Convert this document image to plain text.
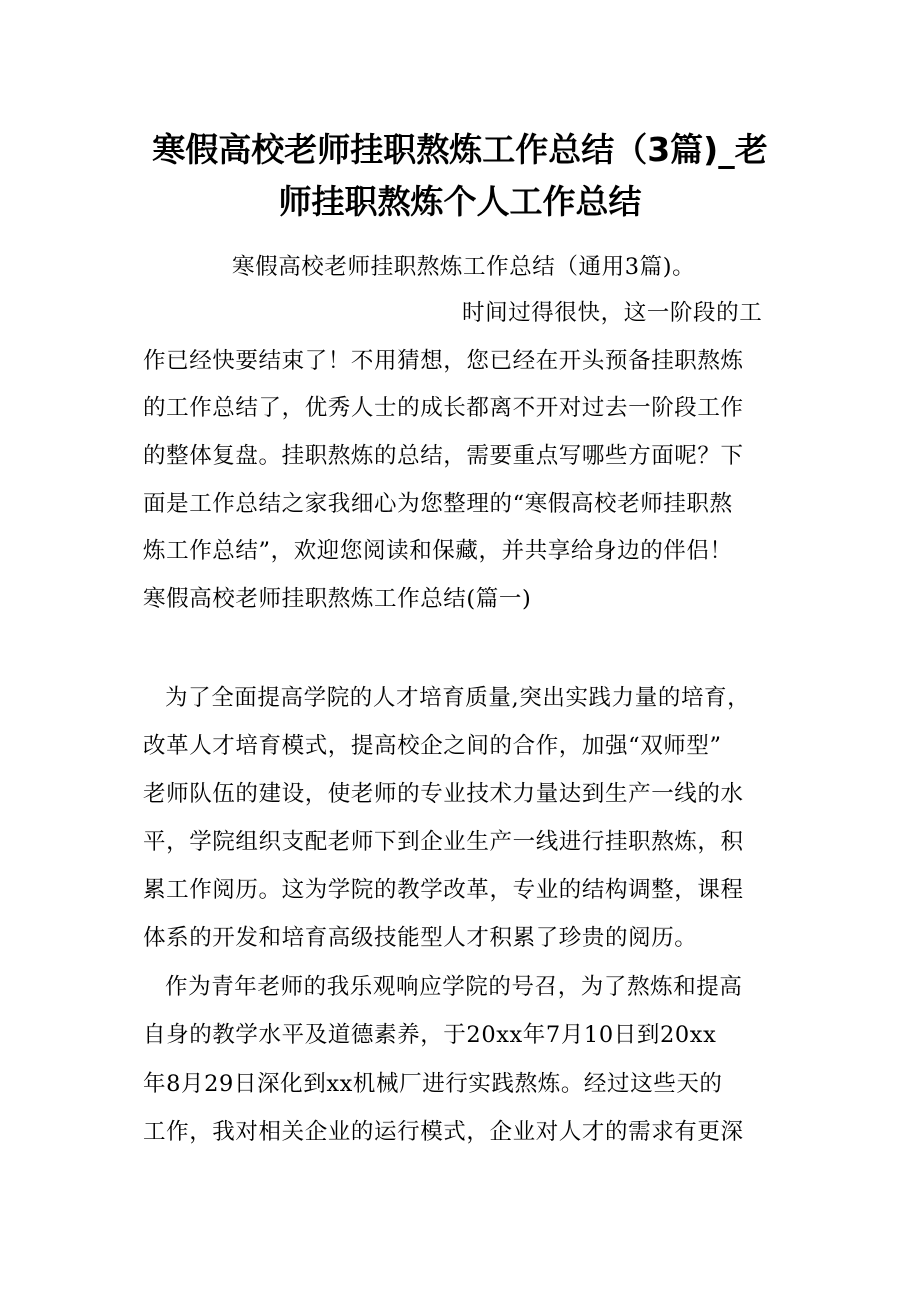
寒假高校老师挂职熬炼工作总结（3篇)_老
师挂职熬炼个人工作总结
寒假高校老师挂职熬炼工作总结（通用3篇)。
时间过得很快，这一阶段的工
作已经快要结束了！不用猜想，您已经在开头预备挂职熬炼
的工作总结了，优秀人士的成长都离不开对过去一阶段工作
的整体复盘。挂职熬炼的总结，需要重点写哪些方面呢？下
面是工作总结之家我细心为您整理的“寒假高校老师挂职熬
炼工作总结”，欢迎您阅读和保藏，并共享给身边的伴侣！
寒假高校老师挂职熬炼工作总结(篇一)
为了全面提高学院的人才培育质量,突出实践力量的培育，
改革人才培育模式，提高校企之间的合作，加强“双师型”
老师队伍的建设，使老师的专业技术力量达到生产一线的水
平，学院组织支配老师下到企业生产一线进行挂职熬炼，积
累工作阅历。这为学院的教学改革，专业的结构调整，课程
体系的开发和培育高级技能型人才积累了珍贵的阅历。
作为青年老师的我乐观响应学院的号召，为了熬炼和提高
自身的教学水平及道德素养，于20xx年7月10日到20xx
年8月29日深化到xx机械厂进行实践熬炼。经过这些天的
工作，我对相关企业的运行模式，企业对人才的需求有更深
